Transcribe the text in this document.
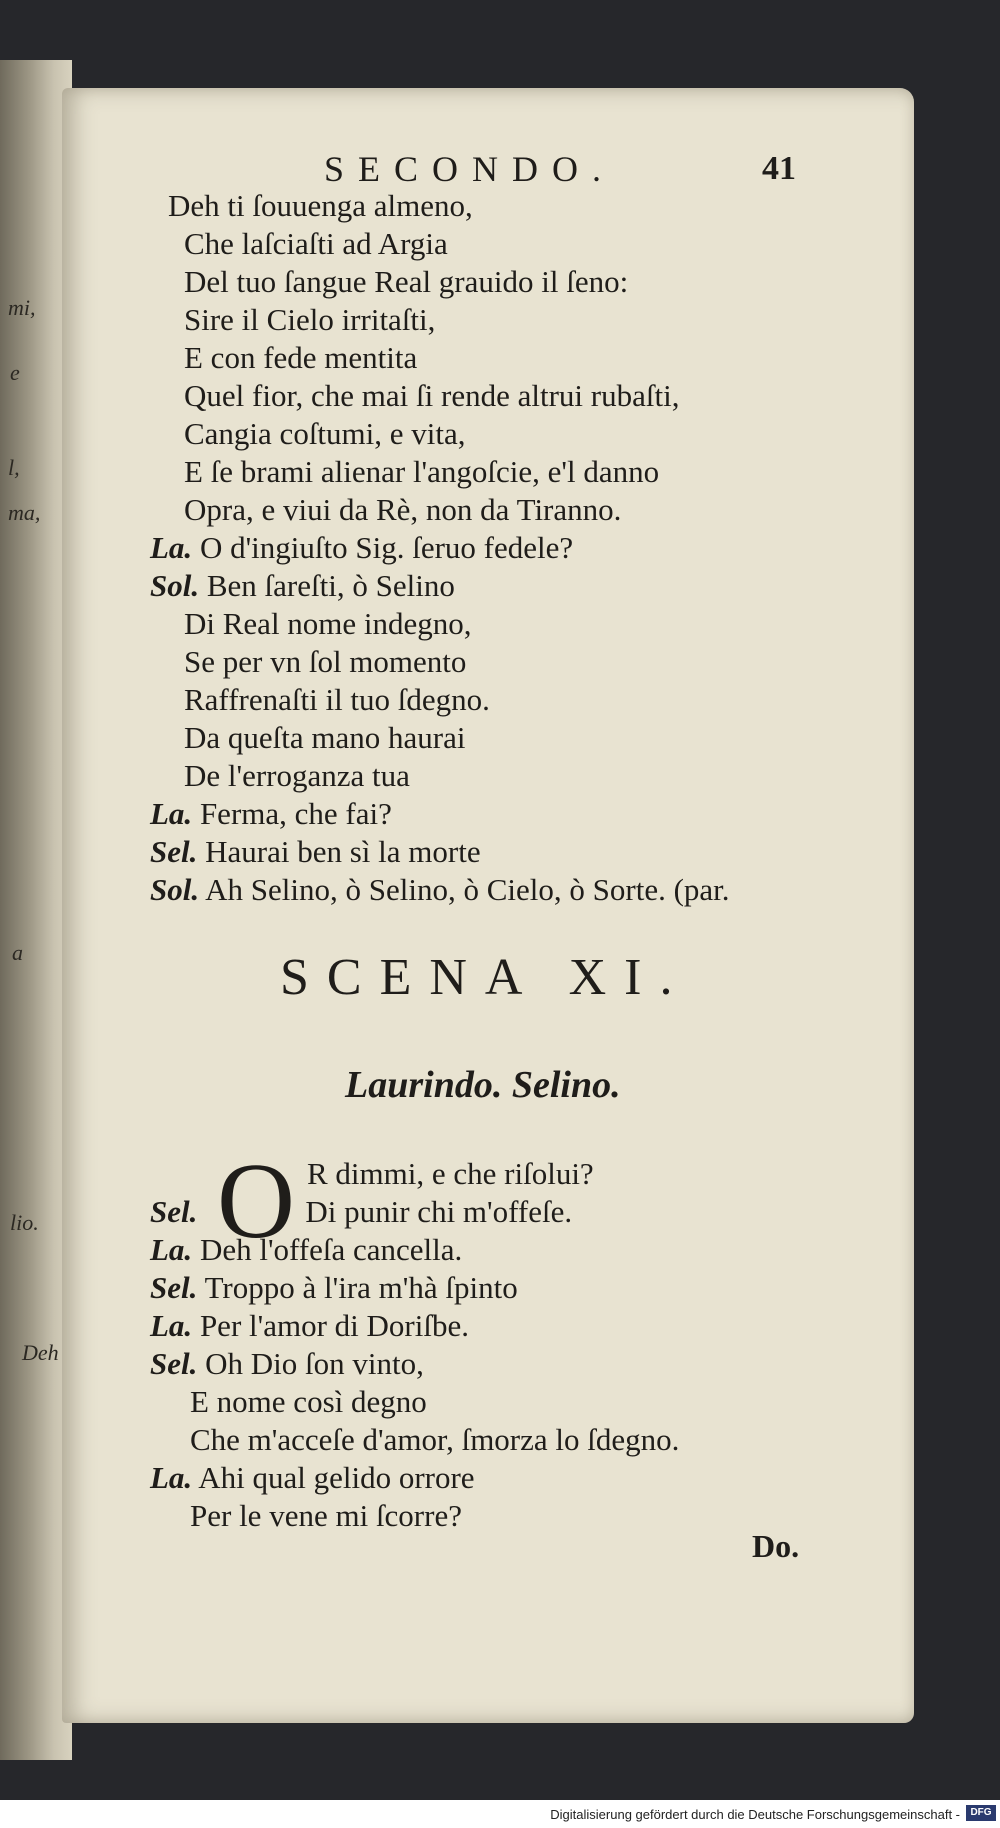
mi,
e
l,
ma,
a
lio.
Deh
SECONDO.	41
Deh ti ſouuenga almeno,
Che laſciaſti ad Argia
Del tuo ſangue Real grauido il ſeno:
Sire il Cielo irritaſti,
E con fede mentita
Quel fior, che mai ſi rende altrui rubaſti,
Cangia coſtumi, e vita,
E ſe brami alienar l'angoſcie, e'l danno
Opra, e viui da Rè, non da Tiranno.
La. O d'ingiuſto Sig. ſeruo fedele?
Sol. Ben ſareſti, ò Selino
Di Real nome indegno,
Se per vn ſol momento
Raffrenaſti il tuo ſdegno.
Da queſta mano haurai
De l'erroganza tua
La. Ferma, che fai?
Sel. Haurai ben sì la morte
Sol. Ah Selino, ò Selino, ò Cielo, ò Sorte. (par.
SCENA XI.
Laurindo. Selino.
O R dimmi, e che riſolui?
Sel.	Di punir chi m'offeſe.
La. Deh l'offeſa cancella.
Sel. Troppo à l'ira m'hà ſpinto
La. Per l'amor di Doriſbe.
Sel. Oh Dio ſon vinto,
E nome così degno
Che m'acceſe d'amor, ſmorza lo ſdegno.
La. Ahi qual gelido orrore
Per le vene mi ſcorre?
Do.
Digitalisierung gefördert durch die Deutsche Forschungsgemeinschaft -	DFG
